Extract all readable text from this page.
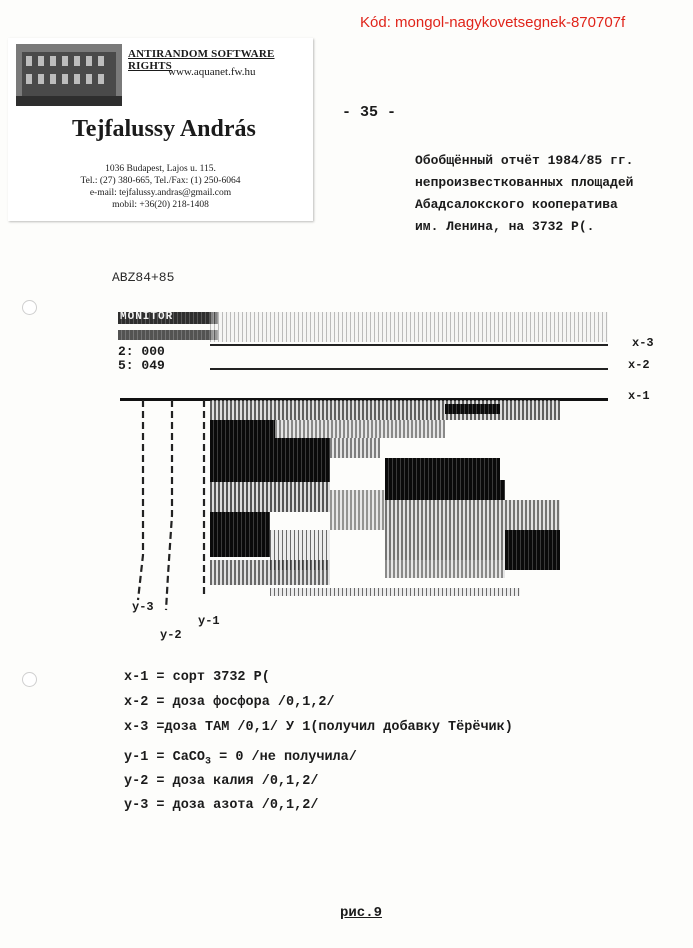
Kód: mongol-nagykovetsegnek-870707f
ANTIRANDOM SOFTWARE RIGHTS
www.aquanet.fw.hu
Tejfalussy András
1036 Budapest, Lajos u. 115.
Tel.: (27) 380-665, Tel./Fax: (1) 250-6064
e-mail: tejfalussy.andras@gmail.com
mobil: +36(20) 218-1408
- 35 -
Обобщённый отчёт 1984/85 гг.
непроизвесткованных площадей
Абадсалокского кооператива
им. Ленина, на 3732 Р(.
ABZ84+85
MONITOR
2: 000
5: 049
x-3
x-2
x-1
y-3
y-2
y-1
x-1 = сорт 3732 Р(
x-2 = доза фосфора /0,1,2/
x-3 =доза ТАМ /0,1/ У 1(получил добавку Тёрёчик)
y-1 = CaCO$_3$ = 0 /не получила/
y-2 = доза калия /0,1,2/
y-3 = доза азота /0,1,2/
рис.9
